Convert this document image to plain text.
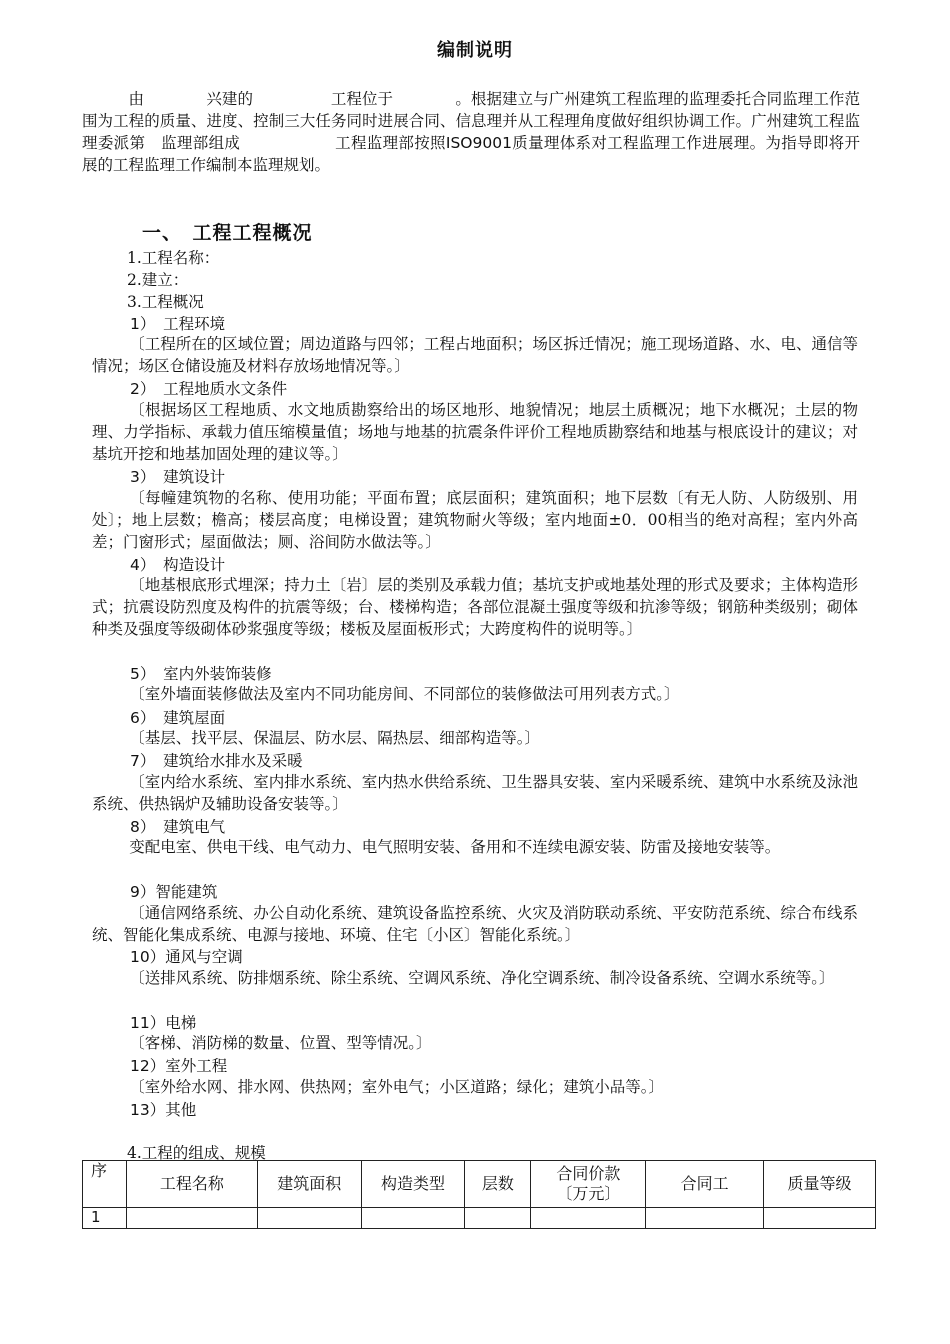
编制说明
由　　　　兴建的　　　　　工程位于　　　　。根据建立与广州建筑工程监理的监理委托合同监理工作范围为工程的质量、进度、控制三大任务同时进展合同、信息理并从工程理角度做好组织协调工作。广州建筑工程监理委派第　监理部组成　　　　　　工程监理部按照ISO9001质量理体系对工程监理工作进展理。为指导即将开展的工程监理工作编制本监理规划。
一、　工程工程概况
1.工程名称：
2.建立：
3.工程概况
1）　工程环境
〔工程所在的区域位置；周边道路与四邻；工程占地面积；场区拆迁情况；施工现场道路、水、电、通信等情况；场区仓储设施及材料存放场地情况等。〕
2）　工程地质水文条件
〔根据场区工程地质、水文地质勘察给出的场区地形、地貌情况；地层土质概况；地下水概况；土层的物理、力学指标、承载力值压缩模量值；场地与地基的抗震条件评价工程地质勘察结和地基与根底设计的建议；对基坑开挖和地基加固处理的建议等。〕
3）　建筑设计
〔每幢建筑物的名称、使用功能；平面布置；底层面积；建筑面积；地下层数〔有无人防、人防级别、用处〕；地上层数；檐高；楼层高度；电梯设置；建筑物耐火等级；室内地面±0．00相当的绝对高程；室内外高差；门窗形式；屋面做法；厕、浴间防水做法等。〕
4）　构造设计
〔地基根底形式埋深；持力土〔岩〕层的类别及承载力值；基坑支护或地基处理的形式及要求；主体构造形式；抗震设防烈度及构件的抗震等级；台、楼梯构造；各部位混凝土强度等级和抗渗等级；钢筋种类级别；砌体种类及强度等级砌体砂浆强度等级；楼板及屋面板形式；大跨度构件的说明等。〕
5）　室内外装饰装修
〔室外墙面装修做法及室内不同功能房间、不同部位的装修做法可用列表方式。〕
6）　建筑屋面
〔基层、找平层、保温层、防水层、隔热层、细部构造等。〕
7）　建筑给水排水及采暖
〔室内给水系统、室内排水系统、室内热水供给系统、卫生器具安装、室内采暖系统、建筑中水系统及泳池系统、供热锅炉及辅助设备安装等。〕
8）　建筑电气
变配电室、供电干线、电气动力、电气照明安装、备用和不连续电源安装、防雷及接地安装等。
9）智能建筑
〔通信网络系统、办公自动化系统、建筑设备监控系统、火灾及消防联动系统、平安防范系统、综合布线系统、智能化集成系统、电源与接地、环境、住宅〔小区〕智能化系统。〕
10）通风与空调
〔送排风系统、防排烟系统、除尘系统、空调风系统、净化空调系统、制冷设备系统、空调水系统等。〕
11）电梯
〔客梯、消防梯的数量、位置、型等情况。〕
12）室外工程
〔室外给水网、排水网、供热网；室外电气；小区道路；绿化；建筑小品等。〕
13）其他
4.工程的组成、规模
序	工程名称	建筑面积	构造类型	层数	合同价款〔万元〕	合同工	质量等级
1							
